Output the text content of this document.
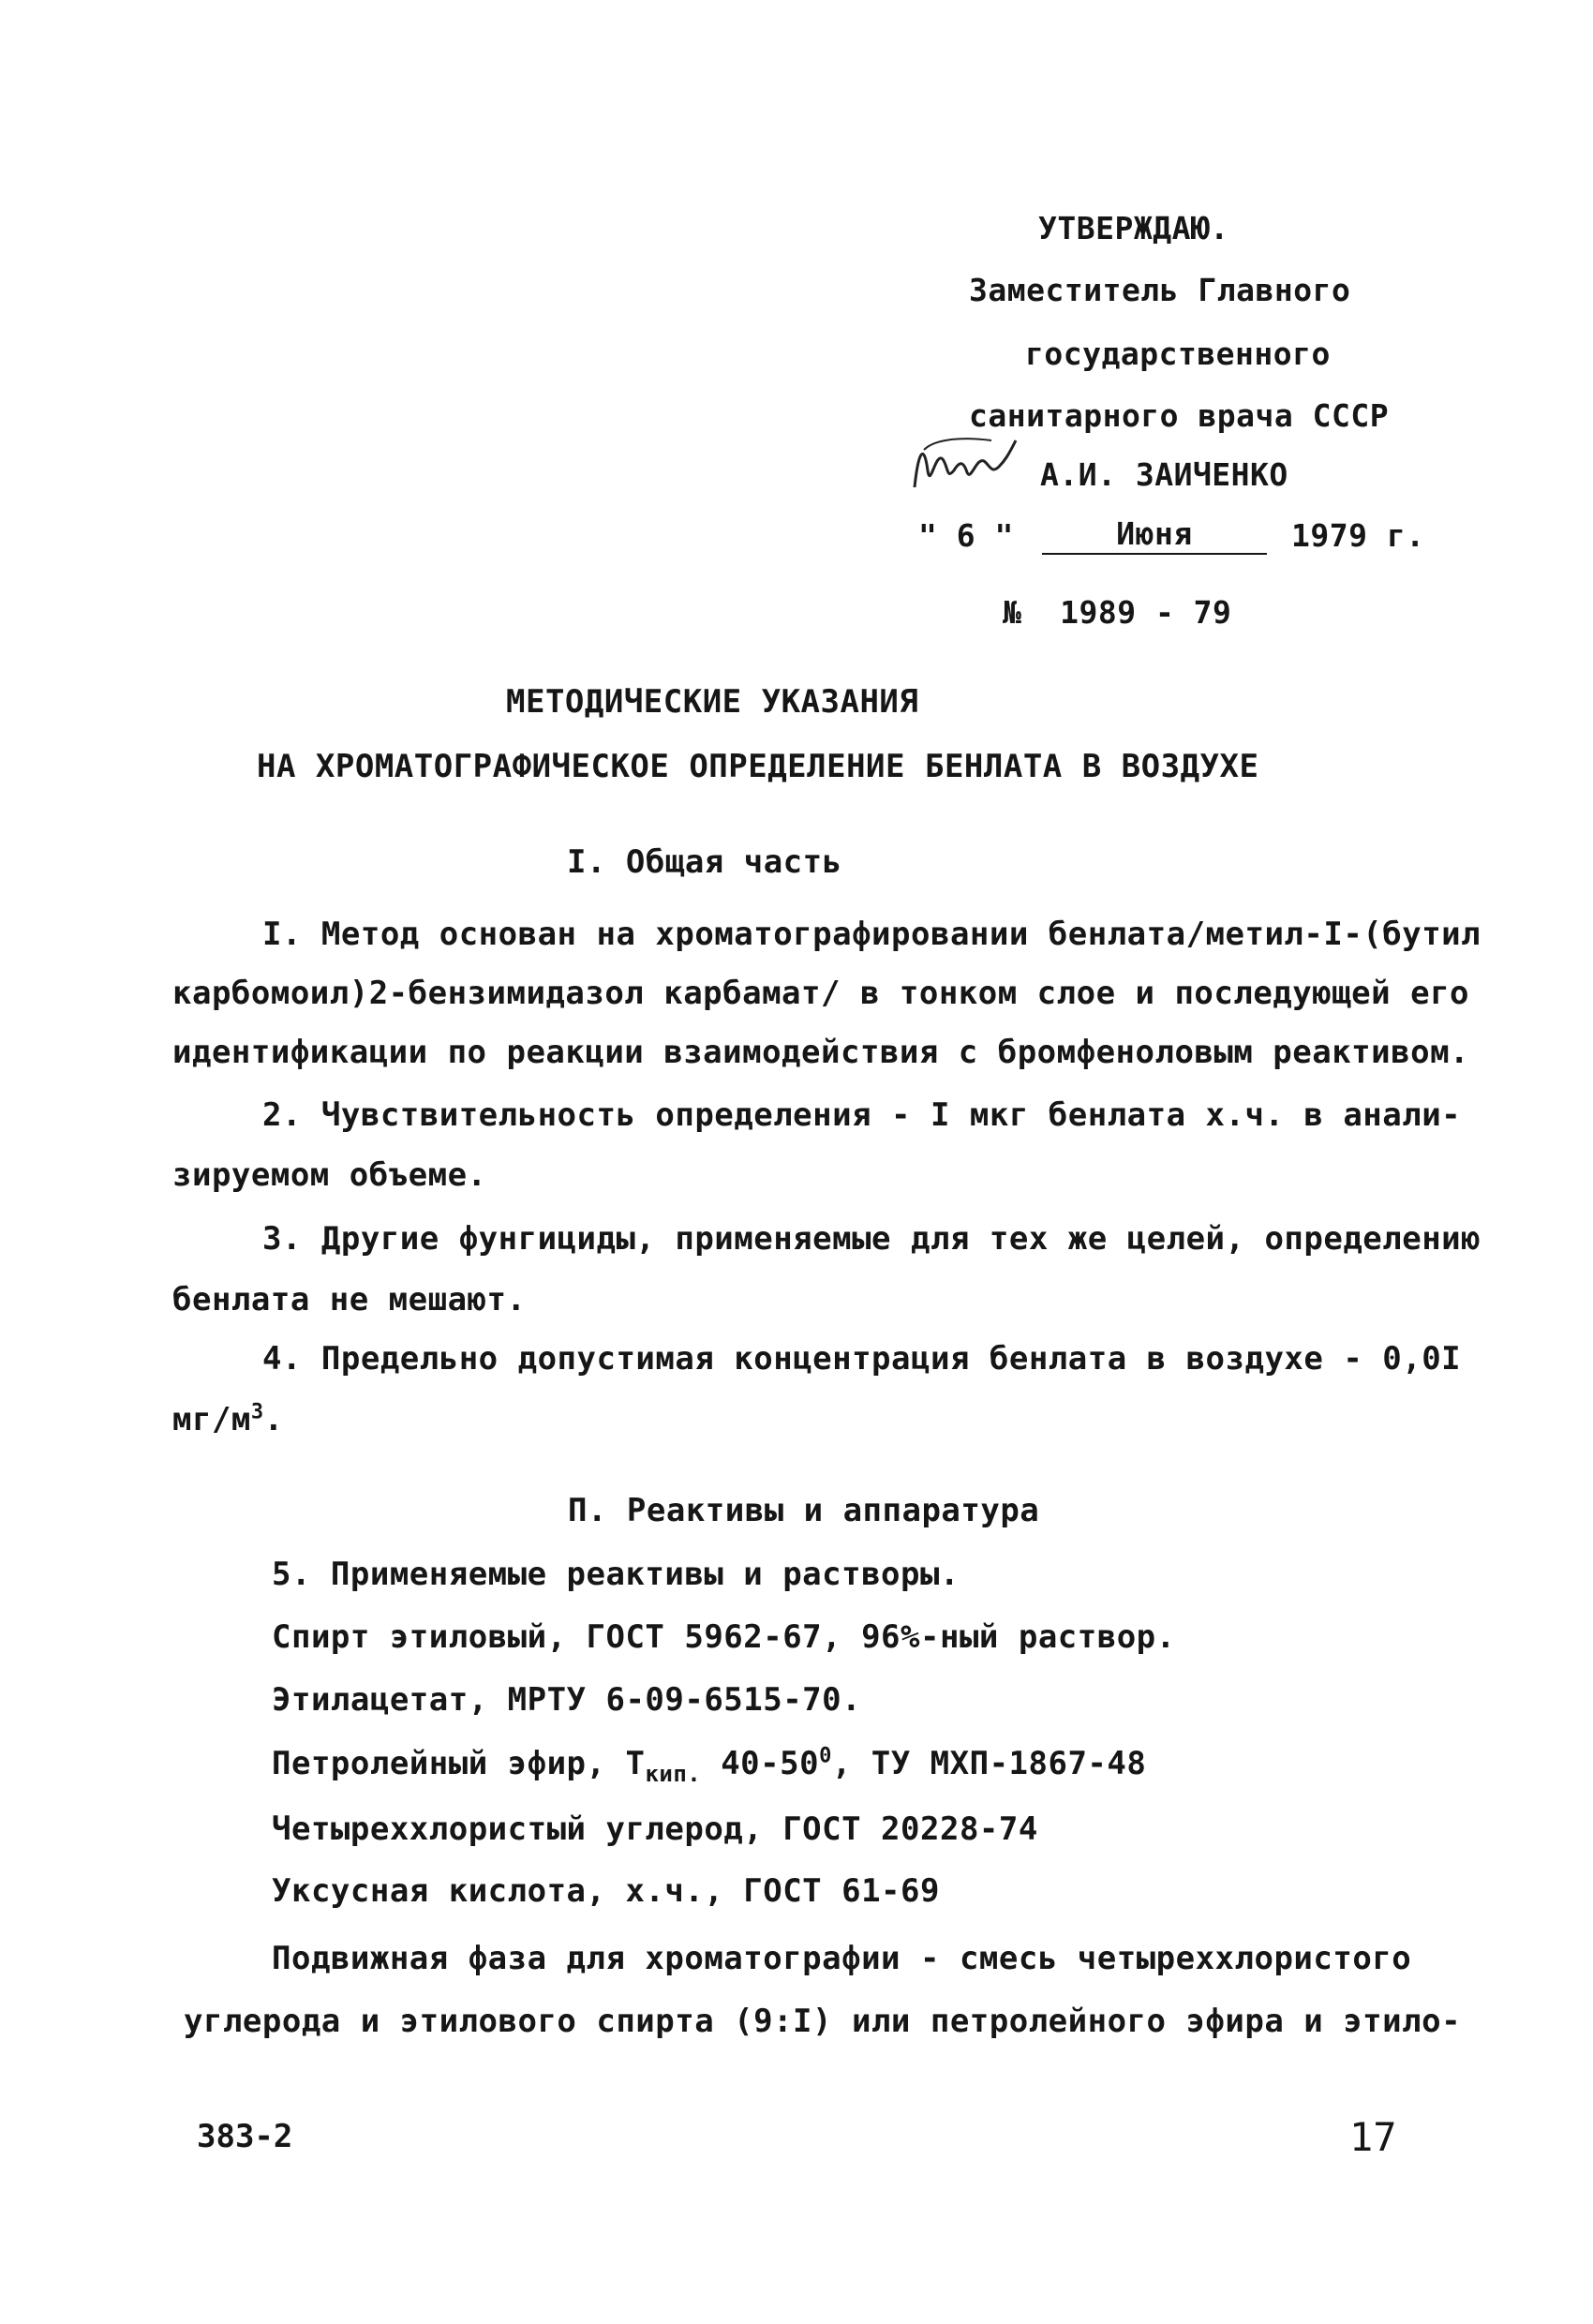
УТВЕРЖДАЮ.
Заместитель Главного
государственного
санитарного врача СССР
А.И. ЗАИЧЕНКО
" 6 "	Июня	1979 г.
№  1989 - 79
МЕТОДИЧЕСКИЕ УКАЗАНИЯ
НА ХРОМАТОГРАФИЧЕСКОЕ ОПРЕДЕЛЕНИЕ БЕНЛАТА В ВОЗДУХЕ
I. Общая часть
I. Метод основан на хроматографировании бенлата/метил-I-(бутил
карбомоил)2-бензимидазол карбамат/ в тонком слое и последующей его
идентификации по реакции взаимодействия с бромфеноловым реактивом.
2. Чувствительность определения - I мкг бенлата х.ч. в анали-
зируемом объеме.
3. Другие фунгициды, применяемые для тех же целей, определению
бенлата не мешают.
4. Предельно допустимая концентрация бенлата в воздухе - 0,0I
$мг/м^3$.
П. Реактивы и аппаратура
5. Применяемые реактивы и растворы.
Спирт этиловый, ГОСТ 5962-67, 96%-ный раствор.
Этилацетат, МРТУ 6-09-6515-70.
Петролейный эфир, $Т_{кип.}$ $40-50^0$, ТУ МХП-1867-48
Четыреххлористый углерод, ГОСТ 20228-74
Уксусная кислота, х.ч., ГОСТ 61-69
Подвижная фаза для хроматографии - смесь четыреххлористого
углерода и этилового спирта (9:I) или петролейного эфира и этило-
383-2	17
